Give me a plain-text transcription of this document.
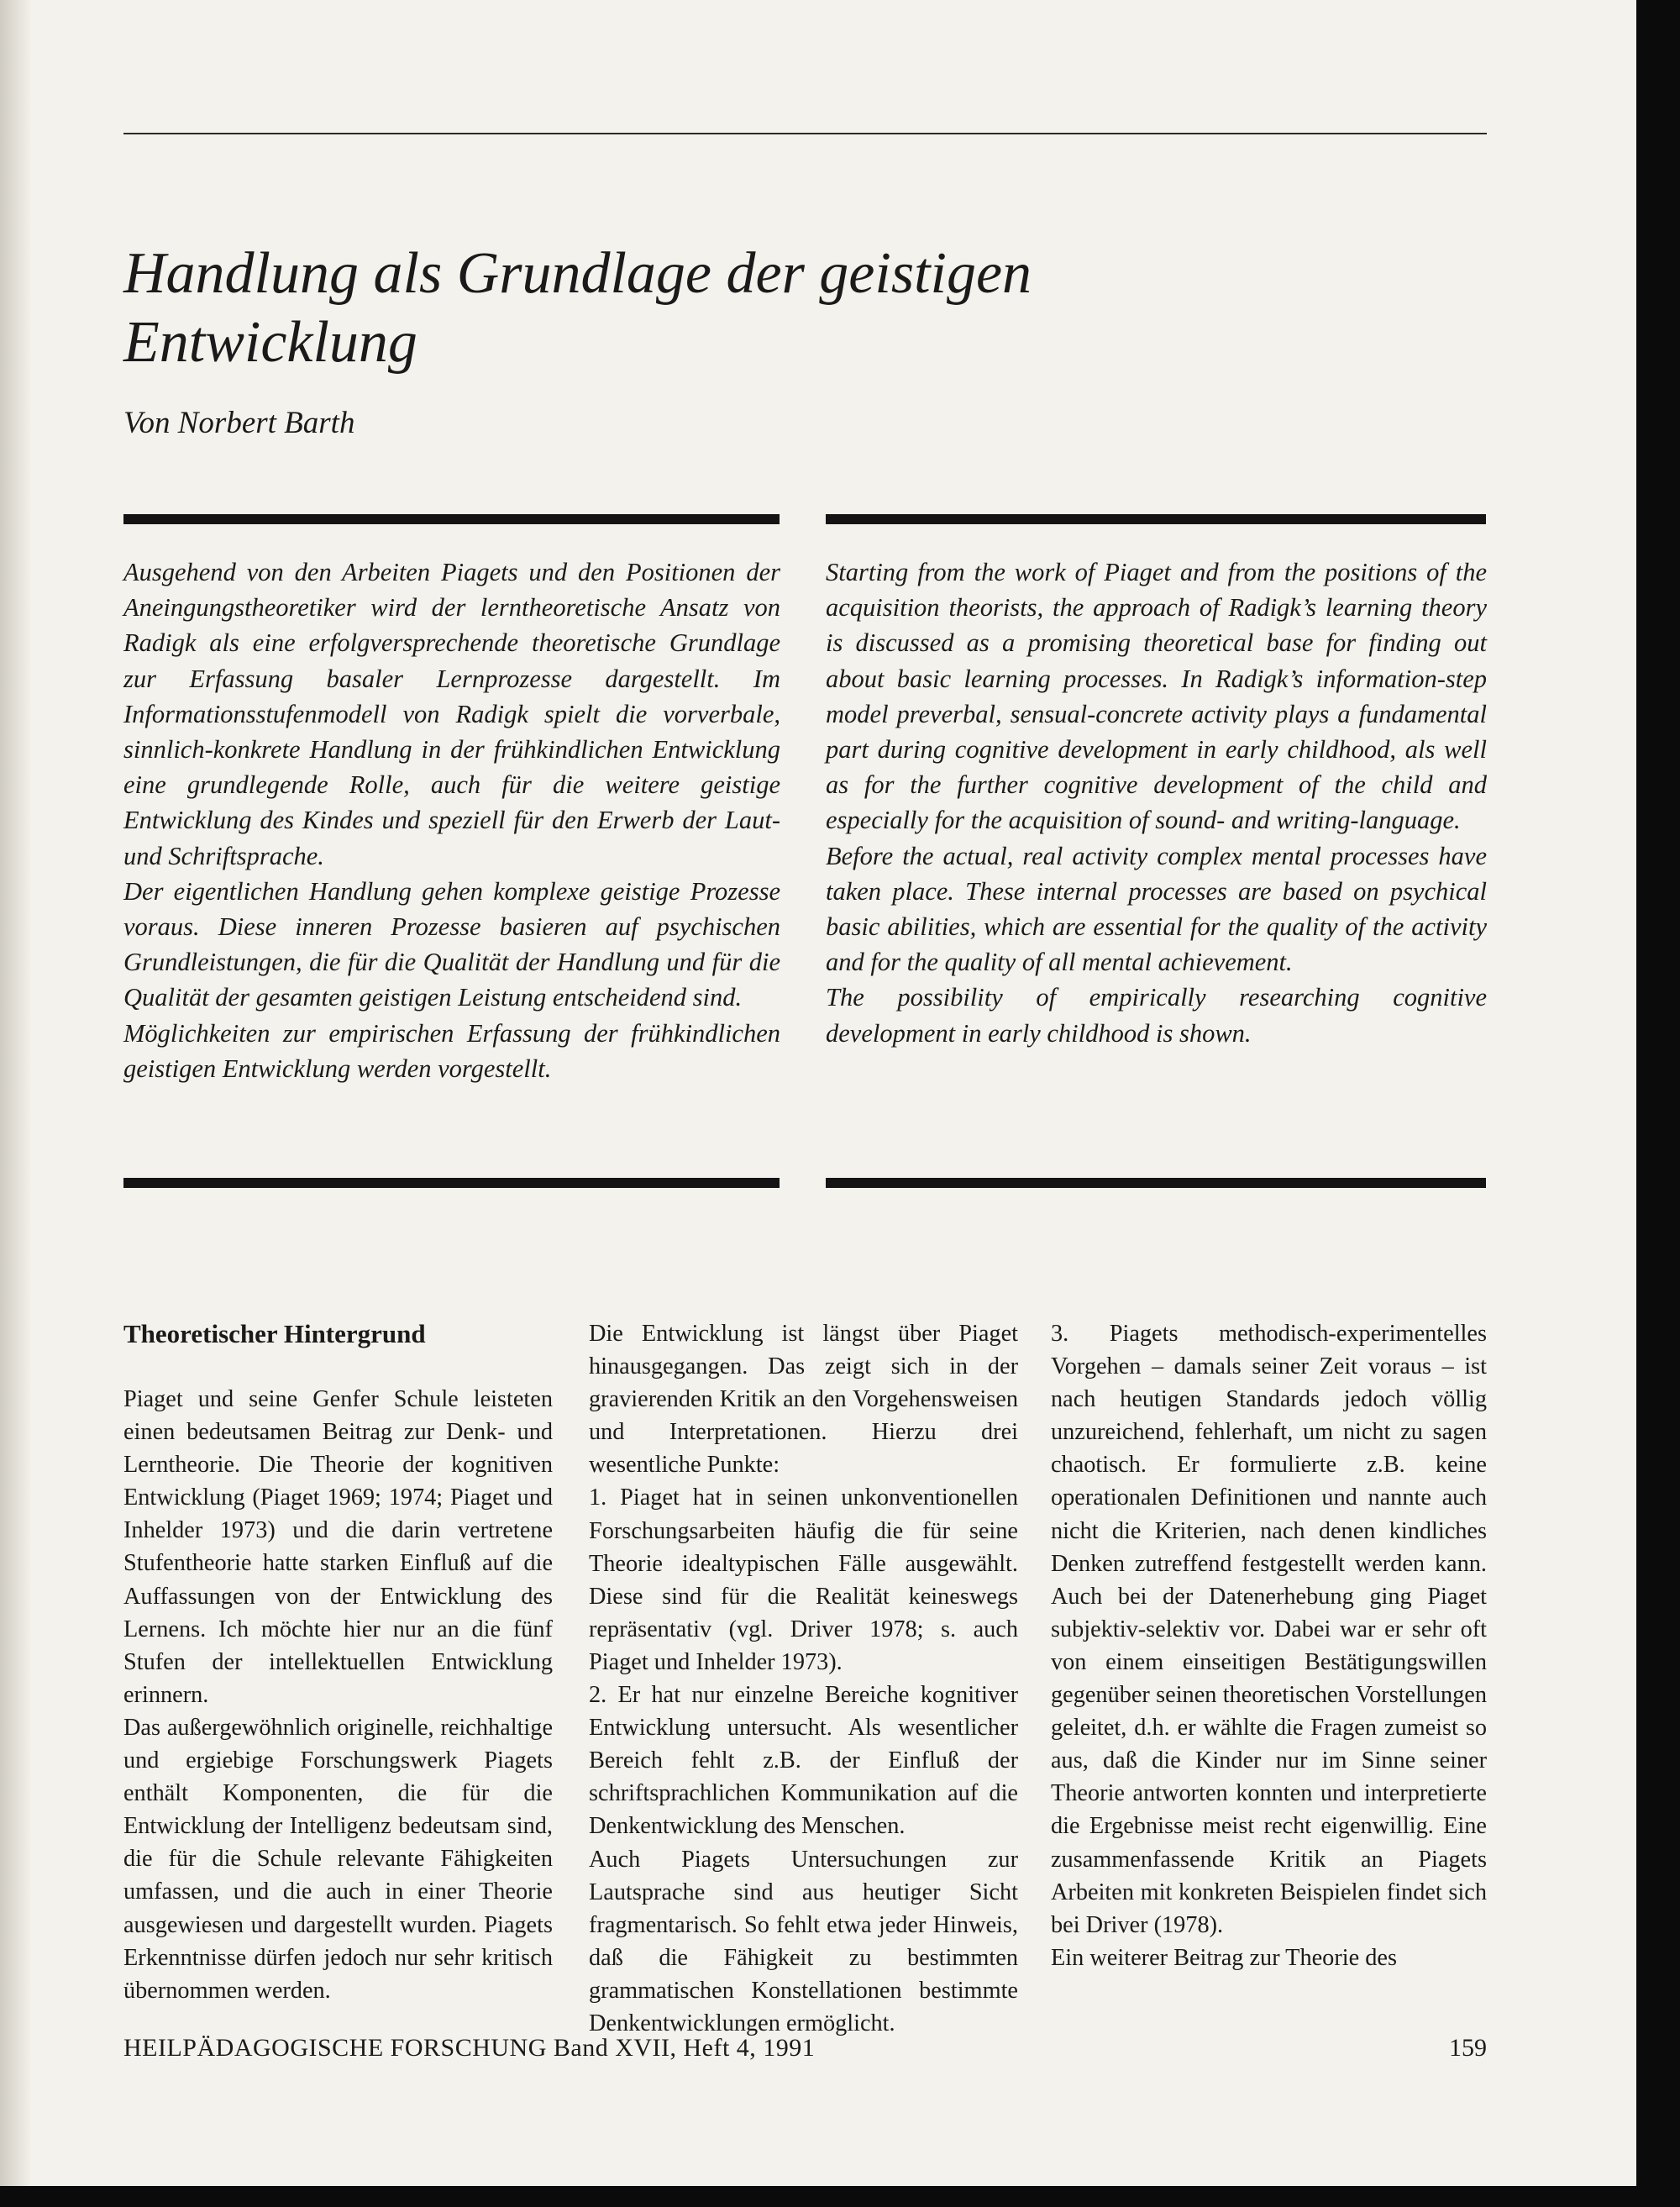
Handlung als Grundlage der geistigen Entwicklung
Von Norbert Barth

Ausgehend von den Arbeiten Piagets und den Positionen der Aneingungstheoretiker wird der lerntheoretische Ansatz von Radigk als eine erfolgversprechende theoretische Grundlage zur Erfassung basaler Lernprozesse dargestellt. Im Informationsstufenmodell von Radigk spielt die vorverbale, sinnlich-konkrete Handlung in der frühkindlichen Entwicklung eine grundlegende Rolle, auch für die weitere geistige Entwicklung des Kindes und speziell für den Erwerb der Laut- und Schriftsprache.

Der eigentlichen Handlung gehen komplexe geistige Prozesse voraus. Diese inneren Prozesse basieren auf psychischen Grundleistungen, die für die Qualität der Handlung und für die Qualität der gesamten geistigen Leistung entscheidend sind.

Möglichkeiten zur empirischen Erfassung der frühkindlichen geistigen Entwicklung werden vorgestellt.

Starting from the work of Piaget and from the positions of the acquisition theorists, the approach of Radigk’s learning theory is discussed as a promising theoretical base for finding out about basic learning processes. In Radigk’s information-step model preverbal, sensual-concrete activity plays a fundamental part during cognitive development in early childhood, als well as for the further cognitive development of the child and especially for the acquisition of sound- and writing-language.

Before the actual, real activity complex mental processes have taken place. These internal processes are based on psychical basic abilities, which are essential for the quality of the activity and for the quality of all mental achievement.

The possibility of empirically researching cognitive development in early childhood is shown.

Theoretischer Hintergrund

Piaget und seine Genfer Schule leisteten einen bedeutsamen Beitrag zur Denk- und Lerntheorie. Die Theorie der kognitiven Entwicklung (Piaget 1969; 1974; Piaget und Inhelder 1973) und die darin vertretene Stufentheorie hatte starken Einfluß auf die Auffassungen von der Entwicklung des Lernens. Ich möchte hier nur an die fünf Stufen der intellektuellen Entwicklung erinnern.

Das außergewöhnlich originelle, reichhaltige und ergiebige Forschungswerk Piagets enthält Komponenten, die für die Entwicklung der Intelligenz bedeutsam sind, die für die Schule relevante Fähigkeiten umfassen, und die auch in einer Theorie ausgewiesen und dargestellt wurden. Piagets Erkenntnisse dürfen jedoch nur sehr kritisch übernommen werden.

Die Entwicklung ist längst über Piaget hinausgegangen. Das zeigt sich in der gravierenden Kritik an den Vorgehensweisen und Interpretationen. Hierzu drei wesentliche Punkte:

1. Piaget hat in seinen unkonventionellen Forschungsarbeiten häufig die für seine Theorie idealtypischen Fälle ausgewählt. Diese sind für die Realität keineswegs repräsentativ (vgl. Driver 1978; s. auch Piaget und Inhelder 1973).

2. Er hat nur einzelne Bereiche kognitiver Entwicklung untersucht. Als wesentlicher Bereich fehlt z.B. der Einfluß der schriftsprachlichen Kommunikation auf die Denkentwicklung des Menschen.

Auch Piagets Untersuchungen zur Lautsprache sind aus heutiger Sicht fragmentarisch. So fehlt etwa jeder Hinweis, daß die Fähigkeit zu bestimmten grammatischen Konstellationen bestimmte Denkentwicklungen ermöglicht.

3. Piagets methodisch-experimentelles Vorgehen – damals seiner Zeit voraus – ist nach heutigen Standards jedoch völlig unzureichend, fehlerhaft, um nicht zu sagen chaotisch. Er formulierte z.B. keine operationalen Definitionen und nannte auch nicht die Kriterien, nach denen kindliches Denken zutreffend festgestellt werden kann. Auch bei der Datenerhebung ging Piaget subjektiv-selektiv vor. Dabei war er sehr oft von einem einseitigen Bestätigungswillen gegenüber seinen theoretischen Vorstellungen geleitet, d.h. er wählte die Fragen zumeist so aus, daß die Kinder nur im Sinne seiner Theorie antworten konnten und interpretierte die Ergebnisse meist recht eigenwillig. Eine zusammenfassende Kritik an Piagets Arbeiten mit konkreten Beispielen findet sich bei Driver (1978).

Ein weiterer Beitrag zur Theorie des

HEILPÄDAGOGISCHE FORSCHUNG Band XVII, Heft 4, 1991	159
